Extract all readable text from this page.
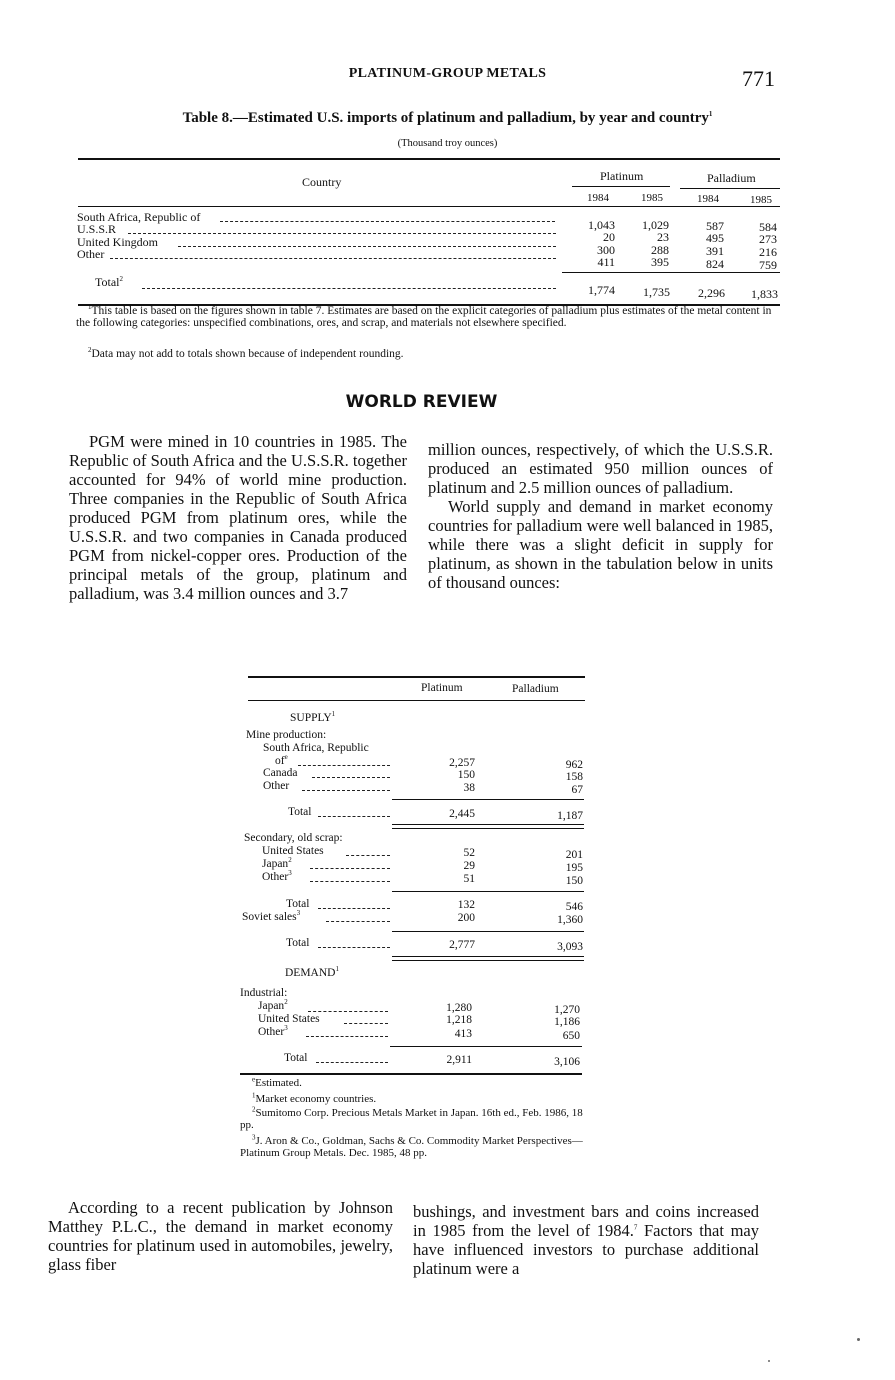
PLATINUM-GROUP METALS	771
Table 8.—Estimated U.S. imports of platinum and palladium, by year and country$^1$
(Thousand troy ounces)
Country	Platinum	Palladium
1984	1985	1984	1985
South Africa, Republic of
1,043	1,029	587	584
U.S.S.R
20	23	495	273
United Kingdom
300	288	391	216
Other
411	395	824	759
Total$^2$
1,774	1,735	2,296	1,833
$^1$This table is based on the figures shown in table 7. Estimates are based on the explicit categories of palladium plus estimates of the metal content in the following categories: unspecified combinations, ores, and scrap, and materials not elsewhere specified.
$^2$Data may not add to totals shown because of independent rounding.
WORLD REVIEW
PGM were mined in 10 countries in 1985. The Republic of South Africa and the U.S.S.R. together accounted for 94% of world mine production. Three companies in the Republic of South Africa produced PGM from platinum ores, while the U.S.S.R. and two companies in Canada produced PGM from nickel-copper ores. Production of the principal metals of the group, platinum and palladium, was 3.4 million ounces and 3.7
million ounces, respectively, of which the U.S.S.R. produced an estimated 950 million ounces of platinum and 2.5 million ounces of palladium.
World supply and demand in market economy countries for palladium were well balanced in 1985, while there was a slight deficit in supply for platinum, as shown in the tabulation below in units of thousand ounces:
Platinum	Palladium
SUPPLY$^1$
Mine production:
South Africa, Republic
$of^e$	2,257	962
Canada	150	158
Other	38	67
Total	2,445	1,187
Secondary, old scrap:
United States	52	201
Japan$^2$	29	195
Other$^3$	51	150
Total	132	546
Soviet sales$^3$	200	1,360
Total	2,777	3,093
DEMAND$^1$
Industrial:
Japan$^2$	1,280	1,270
United States	1,218	1,186
Other$^3$	413	650
Total	2,911	3,106
$^e$Estimated.
$^1$Market economy countries.
$^2$Sumitomo Corp. Precious Metals Market in Japan. 16th ed., Feb. 1986, 18 pp.
$^3$J. Aron & Co., Goldman, Sachs & Co. Commodity Market Perspectives—Platinum Group Metals. Dec. 1985, 48 pp.
According to a recent publication by Johnson Matthey P.L.C., the demand in market economy countries for platinum used in automobiles, jewelry, glass fiber
bushings, and investment bars and coins increased in 1985 from the level of 1984.$^7$ Factors that may have influenced investors to purchase additional platinum were a
